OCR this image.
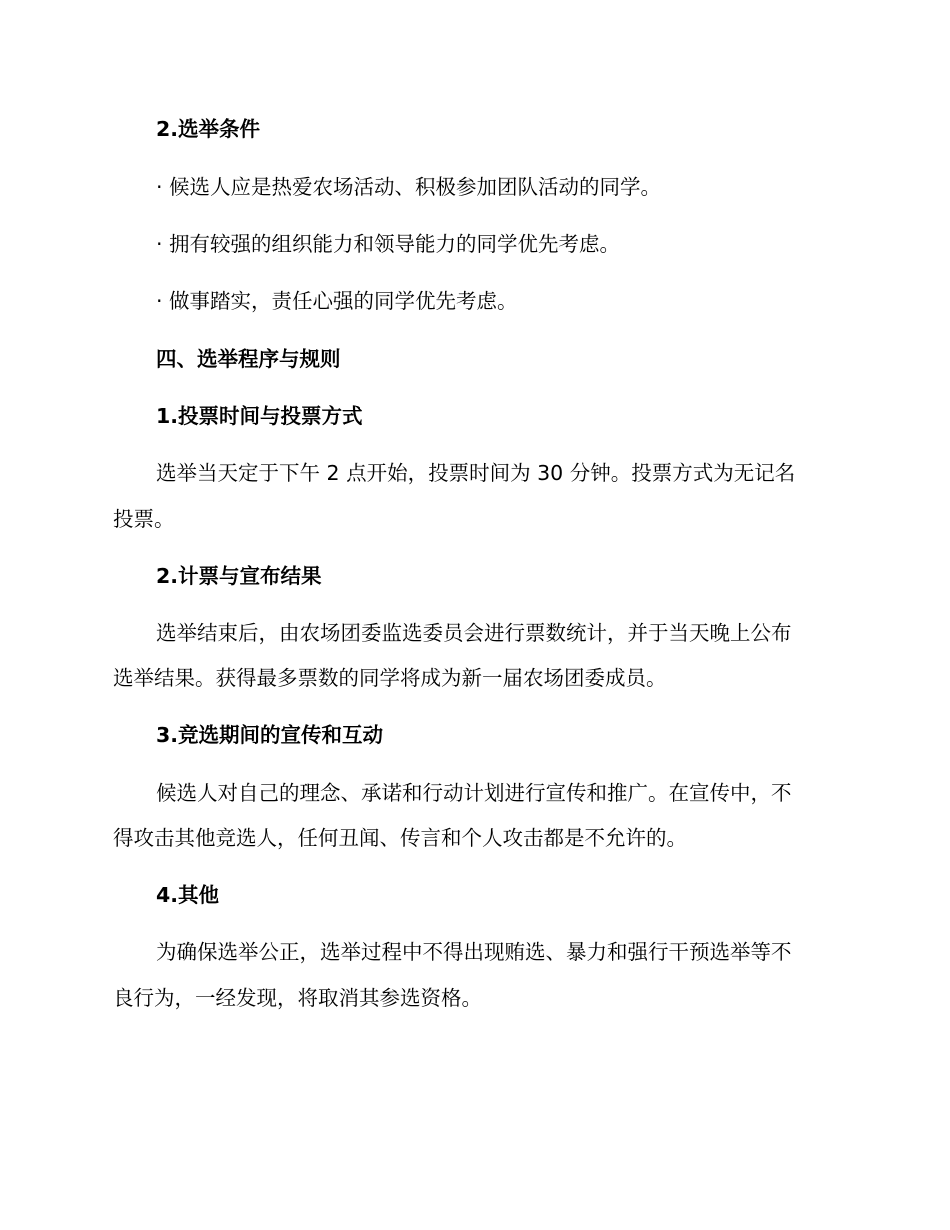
2.选举条件
· 候选人应是热爱农场活动、积极参加团队活动的同学。
· 拥有较强的组织能力和领导能力的同学优先考虑。
· 做事踏实，责任心强的同学优先考虑。
四、选举程序与规则
1.投票时间与投票方式
选举当天定于下午 2 点开始，投票时间为 30 分钟。投票方式为无记名
投票。
2.计票与宣布结果
选举结束后，由农场团委监选委员会进行票数统计，并于当天晚上公布
选举结果。获得最多票数的同学将成为新一届农场团委成员。
3.竞选期间的宣传和互动
候选人对自己的理念、承诺和行动计划进行宣传和推广。在宣传中，不
得攻击其他竞选人，任何丑闻、传言和个人攻击都是不允许的。
4.其他
为确保选举公正，选举过程中不得出现贿选、暴力和强行干预选举等不
良行为，一经发现，将取消其参选资格。
